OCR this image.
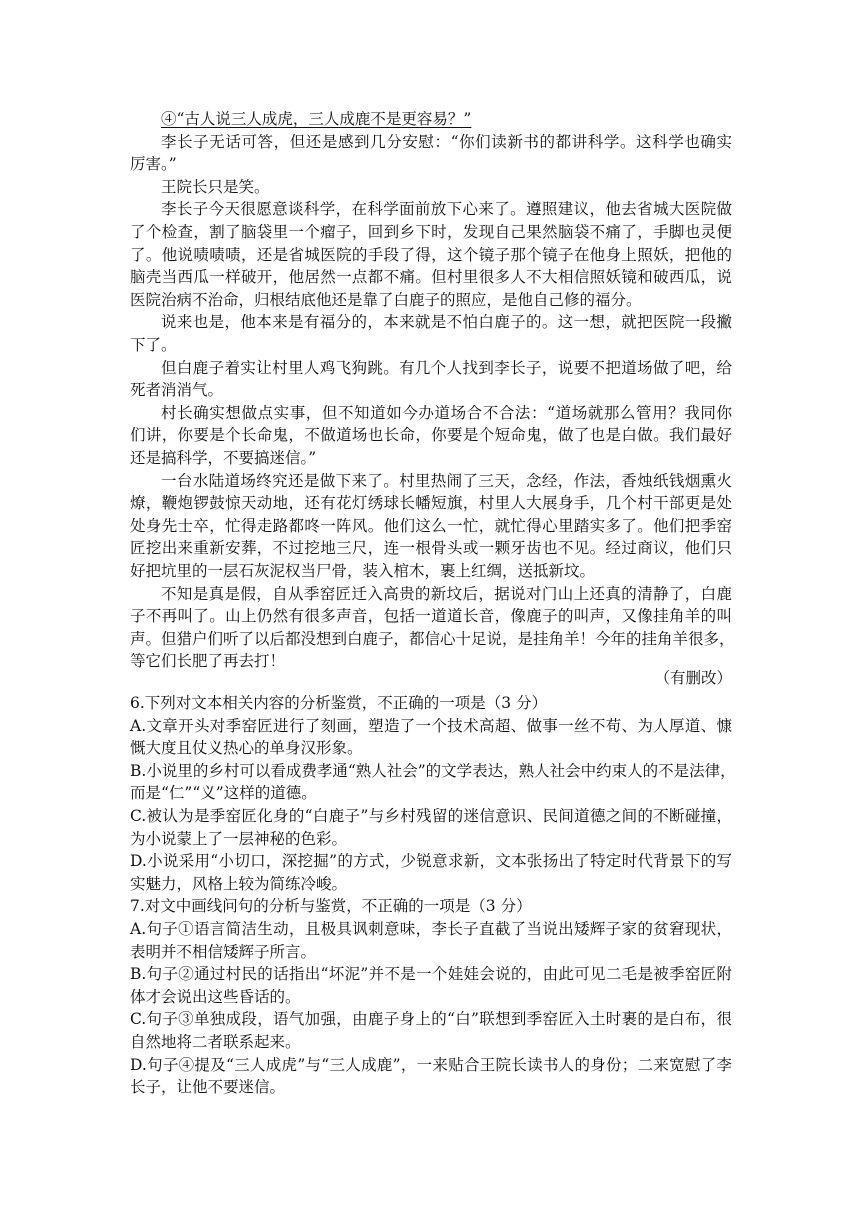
④“古人说三人成虎，三人成鹿不是更容易？”
李长子无话可答，但还是感到几分安慰：“你们读新书的都讲科学。这科学也确实
厉害。”
王院长只是笑。
李长子今天很愿意谈科学，在科学面前放下心来了。遵照建议，他去省城大医院做
了个检查，割了脑袋里一个瘤子，回到乡下时，发现自己果然脑袋不痛了，手脚也灵便
了。他说啧啧啧，还是省城医院的手段了得，这个镜子那个镜子在他身上照妖，把他的
脑壳当西瓜一样破开，他居然一点都不痛。但村里很多人不大相信照妖镜和破西瓜，说
医院治病不治命，归根结底他还是靠了白鹿子的照应，是他自己修的福分。
说来也是，他本来是有福分的，本来就是不怕白鹿子的。这一想，就把医院一段撇
下了。
但白鹿子着实让村里人鸡飞狗跳。有几个人找到李长子，说要不把道场做了吧，给
死者消消气。
村长确实想做点实事，但不知道如今办道场合不合法：“道场就那么管用？我同你
们讲，你要是个长命鬼，不做道场也长命，你要是个短命鬼，做了也是白做。我们最好
还是搞科学，不要搞迷信。”
一台水陆道场终究还是做下来了。村里热闹了三天，念经，作法，香烛纸钱烟熏火
燎，鞭炮锣鼓惊天动地，还有花灯绣球长幡短旗，村里人大展身手，几个村干部更是处
处身先士卒，忙得走路都咚一阵风。他们这么一忙，就忙得心里踏实多了。他们把季窑
匠挖出来重新安葬，不过挖地三尺，连一根骨头或一颗牙齿也不见。经过商议，他们只
好把坑里的一层石灰泥权当尸骨，装入棺木，裹上红绸，送抵新坟。
不知是真是假，自从季窑匠迁入高贵的新坟后，据说对门山上还真的清静了，白鹿
子不再叫了。山上仍然有很多声音，包括一道道长音，像鹿子的叫声，又像挂角羊的叫
声。但猎户们听了以后都没想到白鹿子，都信心十足说，是挂角羊！今年的挂角羊很多，
等它们长肥了再去打！
（有删改）
6.下列对文本相关内容的分析鉴赏，不正确的一项是（3 分）
A.文章开头对季窑匠进行了刻画，塑造了一个技术高超、做事一丝不苟、为人厚道、慷
慨大度且仗义热心的单身汉形象。
B.小说里的乡村可以看成费孝通“熟人社会”的文学表达，熟人社会中约束人的不是法律，
而是“仁”“义”这样的道德。
C.被认为是季窑匠化身的“白鹿子”与乡村残留的迷信意识、民间道德之间的不断碰撞，
为小说蒙上了一层神秘的色彩。
D.小说采用“小切口，深挖掘”的方式，少锐意求新，文本张扬出了特定时代背景下的写
实魅力，风格上较为简练冷峻。
7.对文中画线问句的分析与鉴赏，不正确的一项是（3 分）
A.句子①语言简洁生动，且极具讽刺意味，李长子直截了当说出矮辉子家的贫窘现状，
表明并不相信矮辉子所言。
B.句子②通过村民的话指出“坏泥”并不是一个娃娃会说的，由此可见二毛是被季窑匠附
体才会说出这些昏话的。
C.句子③单独成段，语气加强，由鹿子身上的“白”联想到季窑匠入土时裹的是白布，很
自然地将二者联系起来。
D.句子④提及“三人成虎”与“三人成鹿”，一来贴合王院长读书人的身份；二来宽慰了李
长子，让他不要迷信。
